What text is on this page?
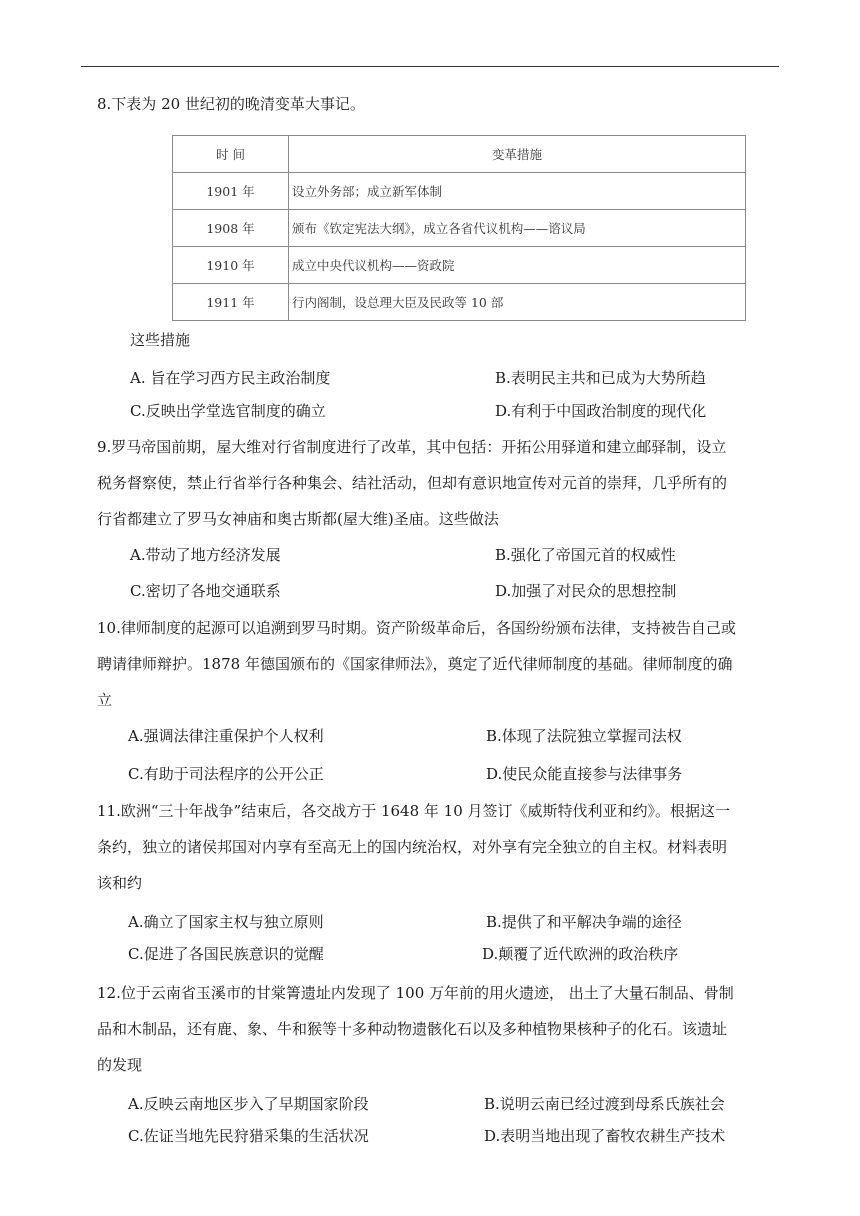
8.下表为 20 世纪初的晚清变革大事记。
时 间	变革措施
1901 年	设立外务部；成立新军体制
1908 年	颁布《钦定宪法大纲》，成立各省代议机构——谘议局
1910 年	成立中央代议机构——资政院
1911 年	行内阁制，设总理大臣及民政等 10 部
这些措施
A. 旨在学习西方民主政治制度	B.表明民主共和已成为大势所趋
C.反映出学堂选官制度的确立	D.有利于中国政治制度的现代化
9.罗马帝国前期，屋大维对行省制度进行了改革，其中包括：开拓公用驿道和建立邮驿制，设立
税务督察使，禁止行省举行各种集会、结社活动，但却有意识地宣传对元首的崇拜，几乎所有的
行省都建立了罗马女神庙和奥古斯都(屋大维)圣庙。这些做法
A.带动了地方经济发展	B.强化了帝国元首的权威性
C.密切了各地交通联系	D.加强了对民众的思想控制
10.律师制度的起源可以追溯到罗马时期。资产阶级革命后，各国纷纷颁布法律，支持被告自己或
聘请律师辩护。1878 年德国颁布的《国家律师法》，奠定了近代律师制度的基础。律师制度的确
立
A.强调法律注重保护个人权利	B.体现了法院独立掌握司法权
C.有助于司法程序的公开公正	D.使民众能直接参与法律事务
11.欧洲“三十年战争”结束后，各交战方于 1648 年 10 月签订《威斯特伐利亚和约》。根据这一
条约，独立的诸侯邦国对内享有至高无上的国内统治权，对外享有完全独立的自主权。材料表明
该和约
A.确立了国家主权与独立原则	B.提供了和平解决争端的途径
C.促进了各国民族意识的觉醒	D.颠覆了近代欧洲的政治秩序
12.位于云南省玉溪市的甘棠箐遗址内发现了 100 万年前的用火遗迹， 出土了大量石制品、骨制
品和木制品，还有鹿、象、牛和猴等十多种动物遗骸化石以及多种植物果核种子的化石。该遗址
的发现
A.反映云南地区步入了早期国家阶段	B.说明云南已经过渡到母系氏族社会
C.佐证当地先民狩猎采集的生活状况	D.表明当地出现了畜牧农耕生产技术
